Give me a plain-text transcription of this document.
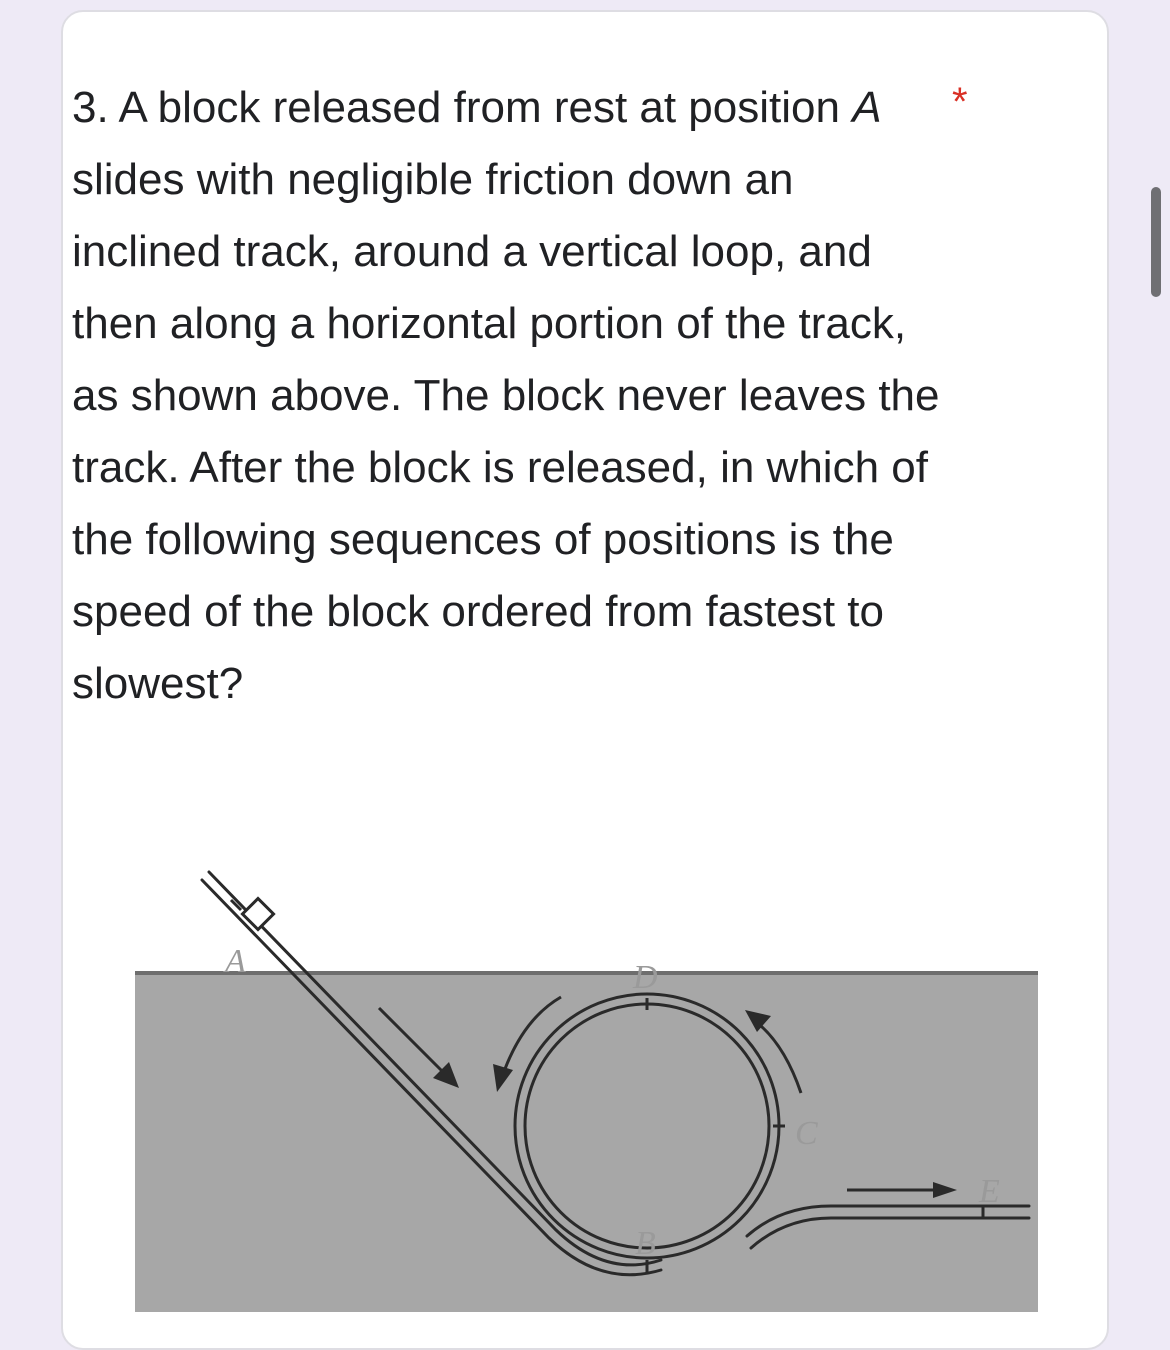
3. A block released from rest at position A slides with negligible friction down an inclined track, around a vertical loop, and then along a horizontal portion of the track, as shown above. The block never leaves the track. After the block is released, in which of the following sequences of positions is the speed of the block ordered from fastest to slowest?

*
A	D
C
E
B
